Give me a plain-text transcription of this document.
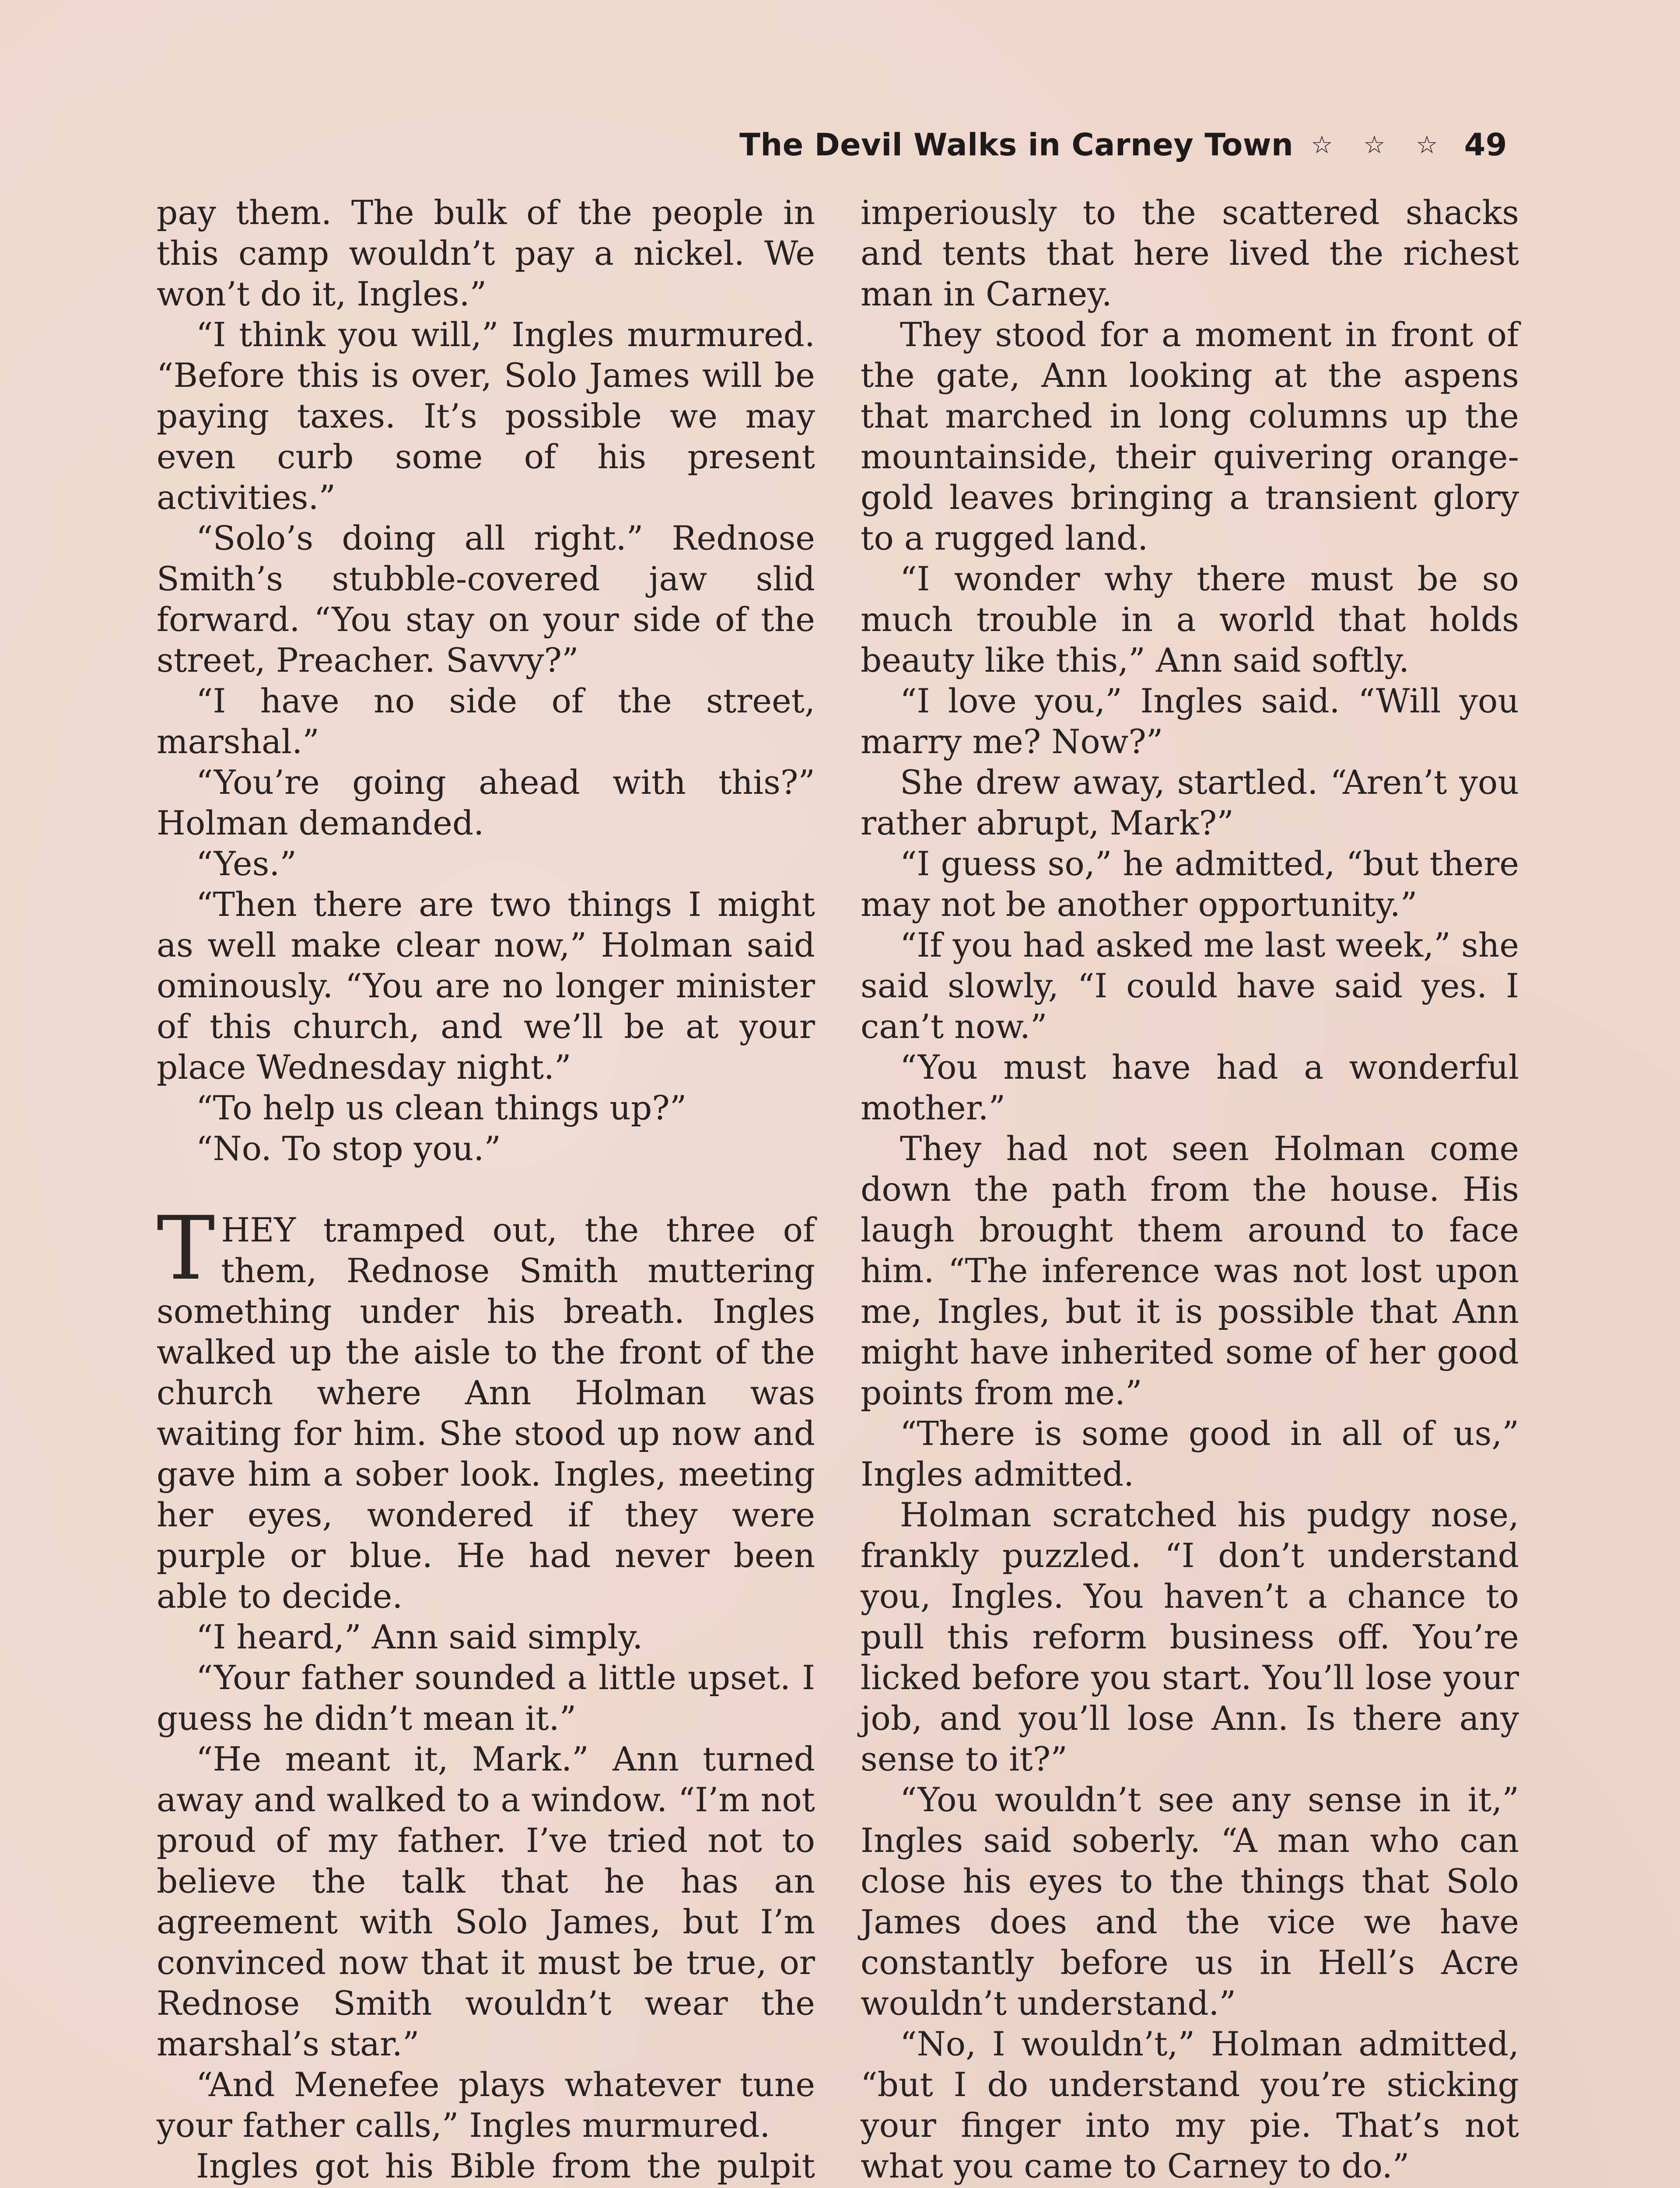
The Devil Walks in Carney Town ☆ ☆ ☆ 49

pay them. The bulk of the people in this camp wouldn’t pay a nickel. We won’t do it, Ingles.”

“I think you will,” Ingles murmured. “Before this is over, Solo James will be paying taxes. It’s possible we may even curb some of his present activities.”

“Solo’s doing all right.” Rednose Smith’s stubble-covered jaw slid forward. “You stay on your side of the street, Preacher. Savvy?”

“I have no side of the street, marshal.”

“You’re going ahead with this?” Holman demanded.

“Yes.”

“Then there are two things I might as well make clear now,” Holman said ominously. “You are no longer minister of this church, and we’ll be at your place Wednesday night.”

“To help us clean things up?”

“No. To stop you.”

THEY tramped out, the three of them, Rednose Smith muttering something under his breath. Ingles walked up the aisle to the front of the church where Ann Holman was waiting for him. She stood up now and gave him a sober look. Ingles, meeting her eyes, wondered if they were purple or blue. He had never been able to decide.

“I heard,” Ann said simply.

“Your father sounded a little upset. I guess he didn’t mean it.”

“He meant it, Mark.” Ann turned away and walked to a window. “I’m not proud of my father. I’ve tried not to believe the talk that he has an agreement with Solo James, but I’m convinced now that it must be true, or Rednose Smith wouldn’t wear the marshal’s star.”

“And Menefee plays whatever tune your father calls,” Ingles murmured.

Ingles got his Bible from the pulpit

imperiously to the scattered shacks and tents that here lived the richest man in Carney.

They stood for a moment in front of the gate, Ann looking at the aspens that marched in long columns up the mountainside, their quivering orange-gold leaves bringing a transient glory to a rugged land.

“I wonder why there must be so much trouble in a world that holds beauty like this,” Ann said softly.

“I love you,” Ingles said. “Will you marry me? Now?”

She drew away, startled. “Aren’t you rather abrupt, Mark?”

“I guess so,” he admitted, “but there may not be another opportunity.”

“If you had asked me last week,” she said slowly, “I could have said yes. I can’t now.”

“You must have had a wonderful mother.”

They had not seen Holman come down the path from the house. His laugh brought them around to face him. “The inference was not lost upon me, Ingles, but it is possible that Ann might have inherited some of her good points from me.”

“There is some good in all of us,” Ingles admitted.

Holman scratched his pudgy nose, frankly puzzled. “I don’t understand you, Ingles. You haven’t a chance to pull this reform business off. You’re licked before you start. You’ll lose your job, and you’ll lose Ann. Is there any sense to it?”

“You wouldn’t see any sense in it,” Ingles said soberly. “A man who can close his eyes to the things that Solo James does and the vice we have constantly before us in Hell’s Acre wouldn’t understand.”

“No, I wouldn’t,” Holman admitted, “but I do understand you’re sticking your finger into my pie. That’s not what you came to Carney to do.”
